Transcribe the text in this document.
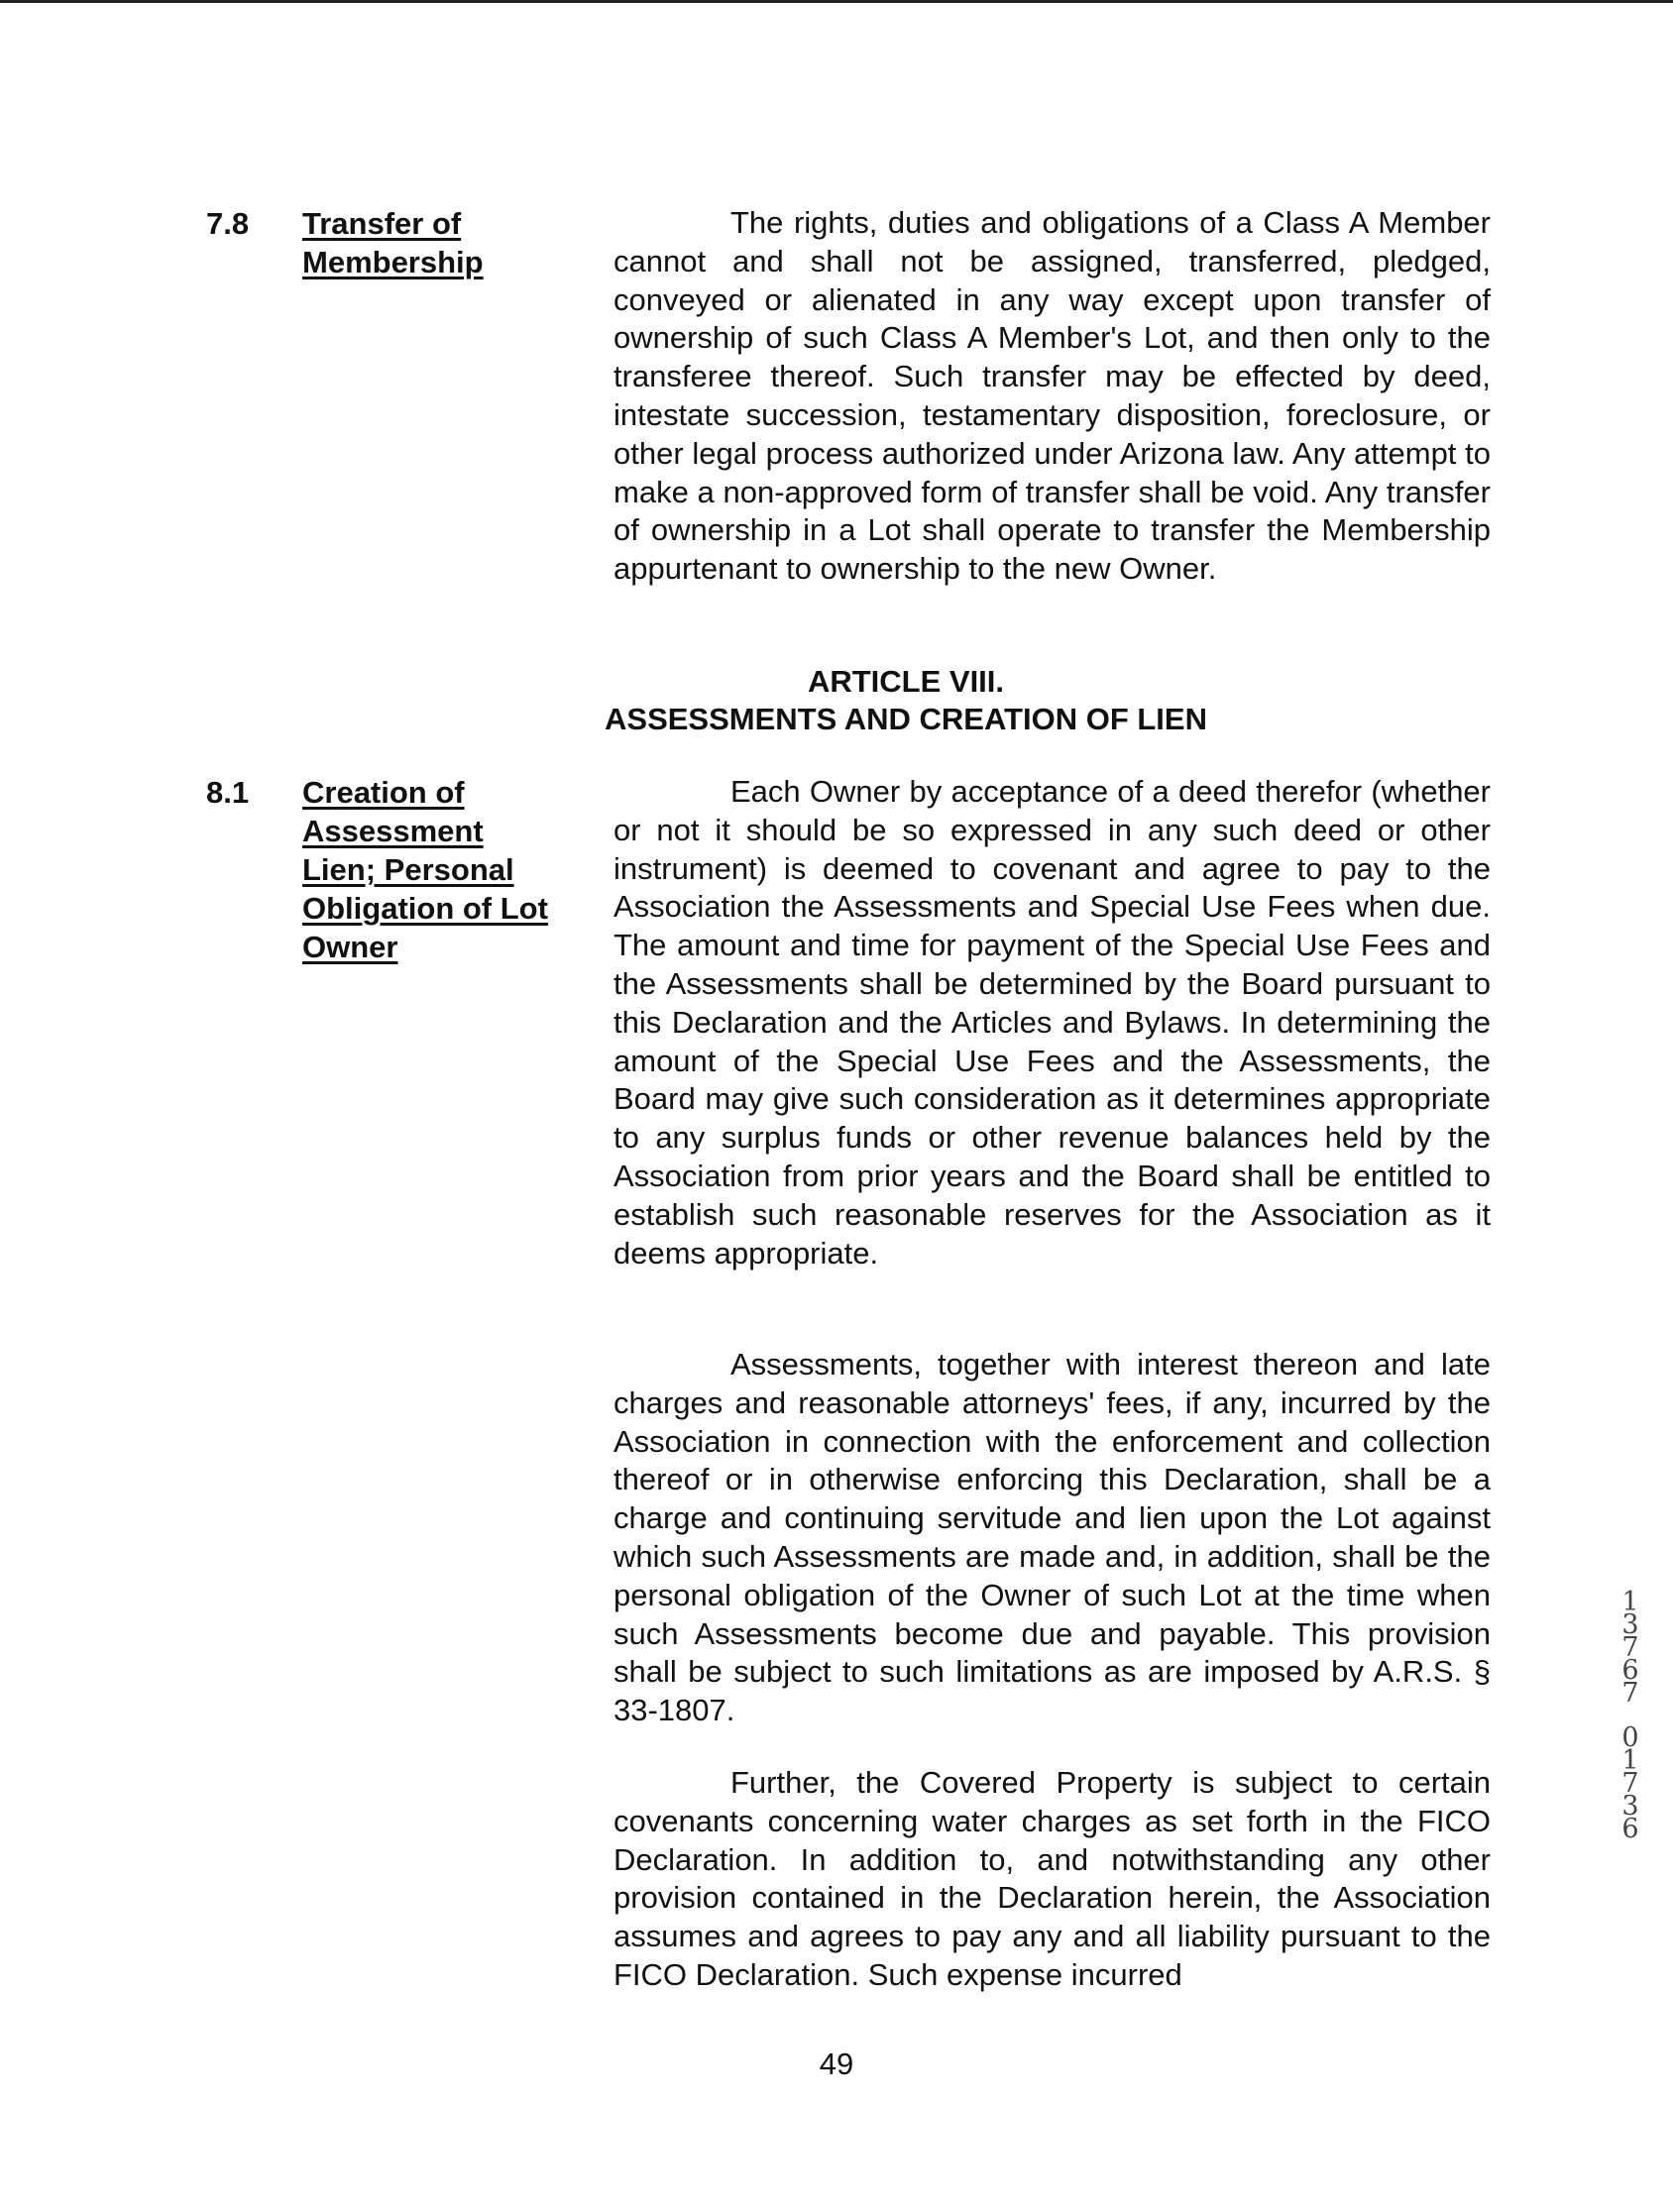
7.8 Transfer of
Membership

The rights, duties and obligations of a Class A Member cannot and shall not be assigned, transferred, pledged, conveyed or alienated in any way except upon transfer of ownership of such Class A Member's Lot, and then only to the transferee thereof. Such transfer may be effected by deed, intestate succession, testamentary disposition, foreclosure, or other legal process authorized under Arizona law. Any attempt to make a non-approved form of transfer shall be void. Any transfer of ownership in a Lot shall operate to transfer the Membership appurtenant to ownership to the new Owner.

ARTICLE VIII.
ASSESSMENTS AND CREATION OF LIEN
8.1 Creation of
Assessment
Lien; Personal
Obligation of Lot
Owner

Each Owner by acceptance of a deed therefor (whether or not it should be so expressed in any such deed or other instrument) is deemed to covenant and agree to pay to the Association the Assessments and Special Use Fees when due. The amount and time for payment of the Special Use Fees and the Assessments shall be determined by the Board pursuant to this Declaration and the Articles and Bylaws. In determining the amount of the Special Use Fees and the Assessments, the Board may give such consideration as it determines appropriate to any surplus funds or other revenue balances held by the Association from prior years and the Board shall be entitled to establish such reasonable reserves for the Association as it deems appropriate.

Assessments, together with interest thereon and late charges and reasonable attorneys' fees, if any, incurred by the Association in connection with the enforcement and collection thereof or in otherwise enforcing this Declaration, shall be a charge and continuing servitude and lien upon the Lot against which such Assessments are made and, in addition, shall be the personal obligation of the Owner of such Lot at the time when such Assessments become due and payable. This provision shall be subject to such limitations as are imposed by A.R.S. § 33-1807.

Further, the Covered Property is subject to certain covenants concerning water charges as set forth in the FICO Declaration. In addition to, and notwithstanding any other provision contained in the Declaration herein, the Association assumes and agrees to pay any and all liability pursuant to the FICO Declaration. Such expense incurred

49
13767
01736
